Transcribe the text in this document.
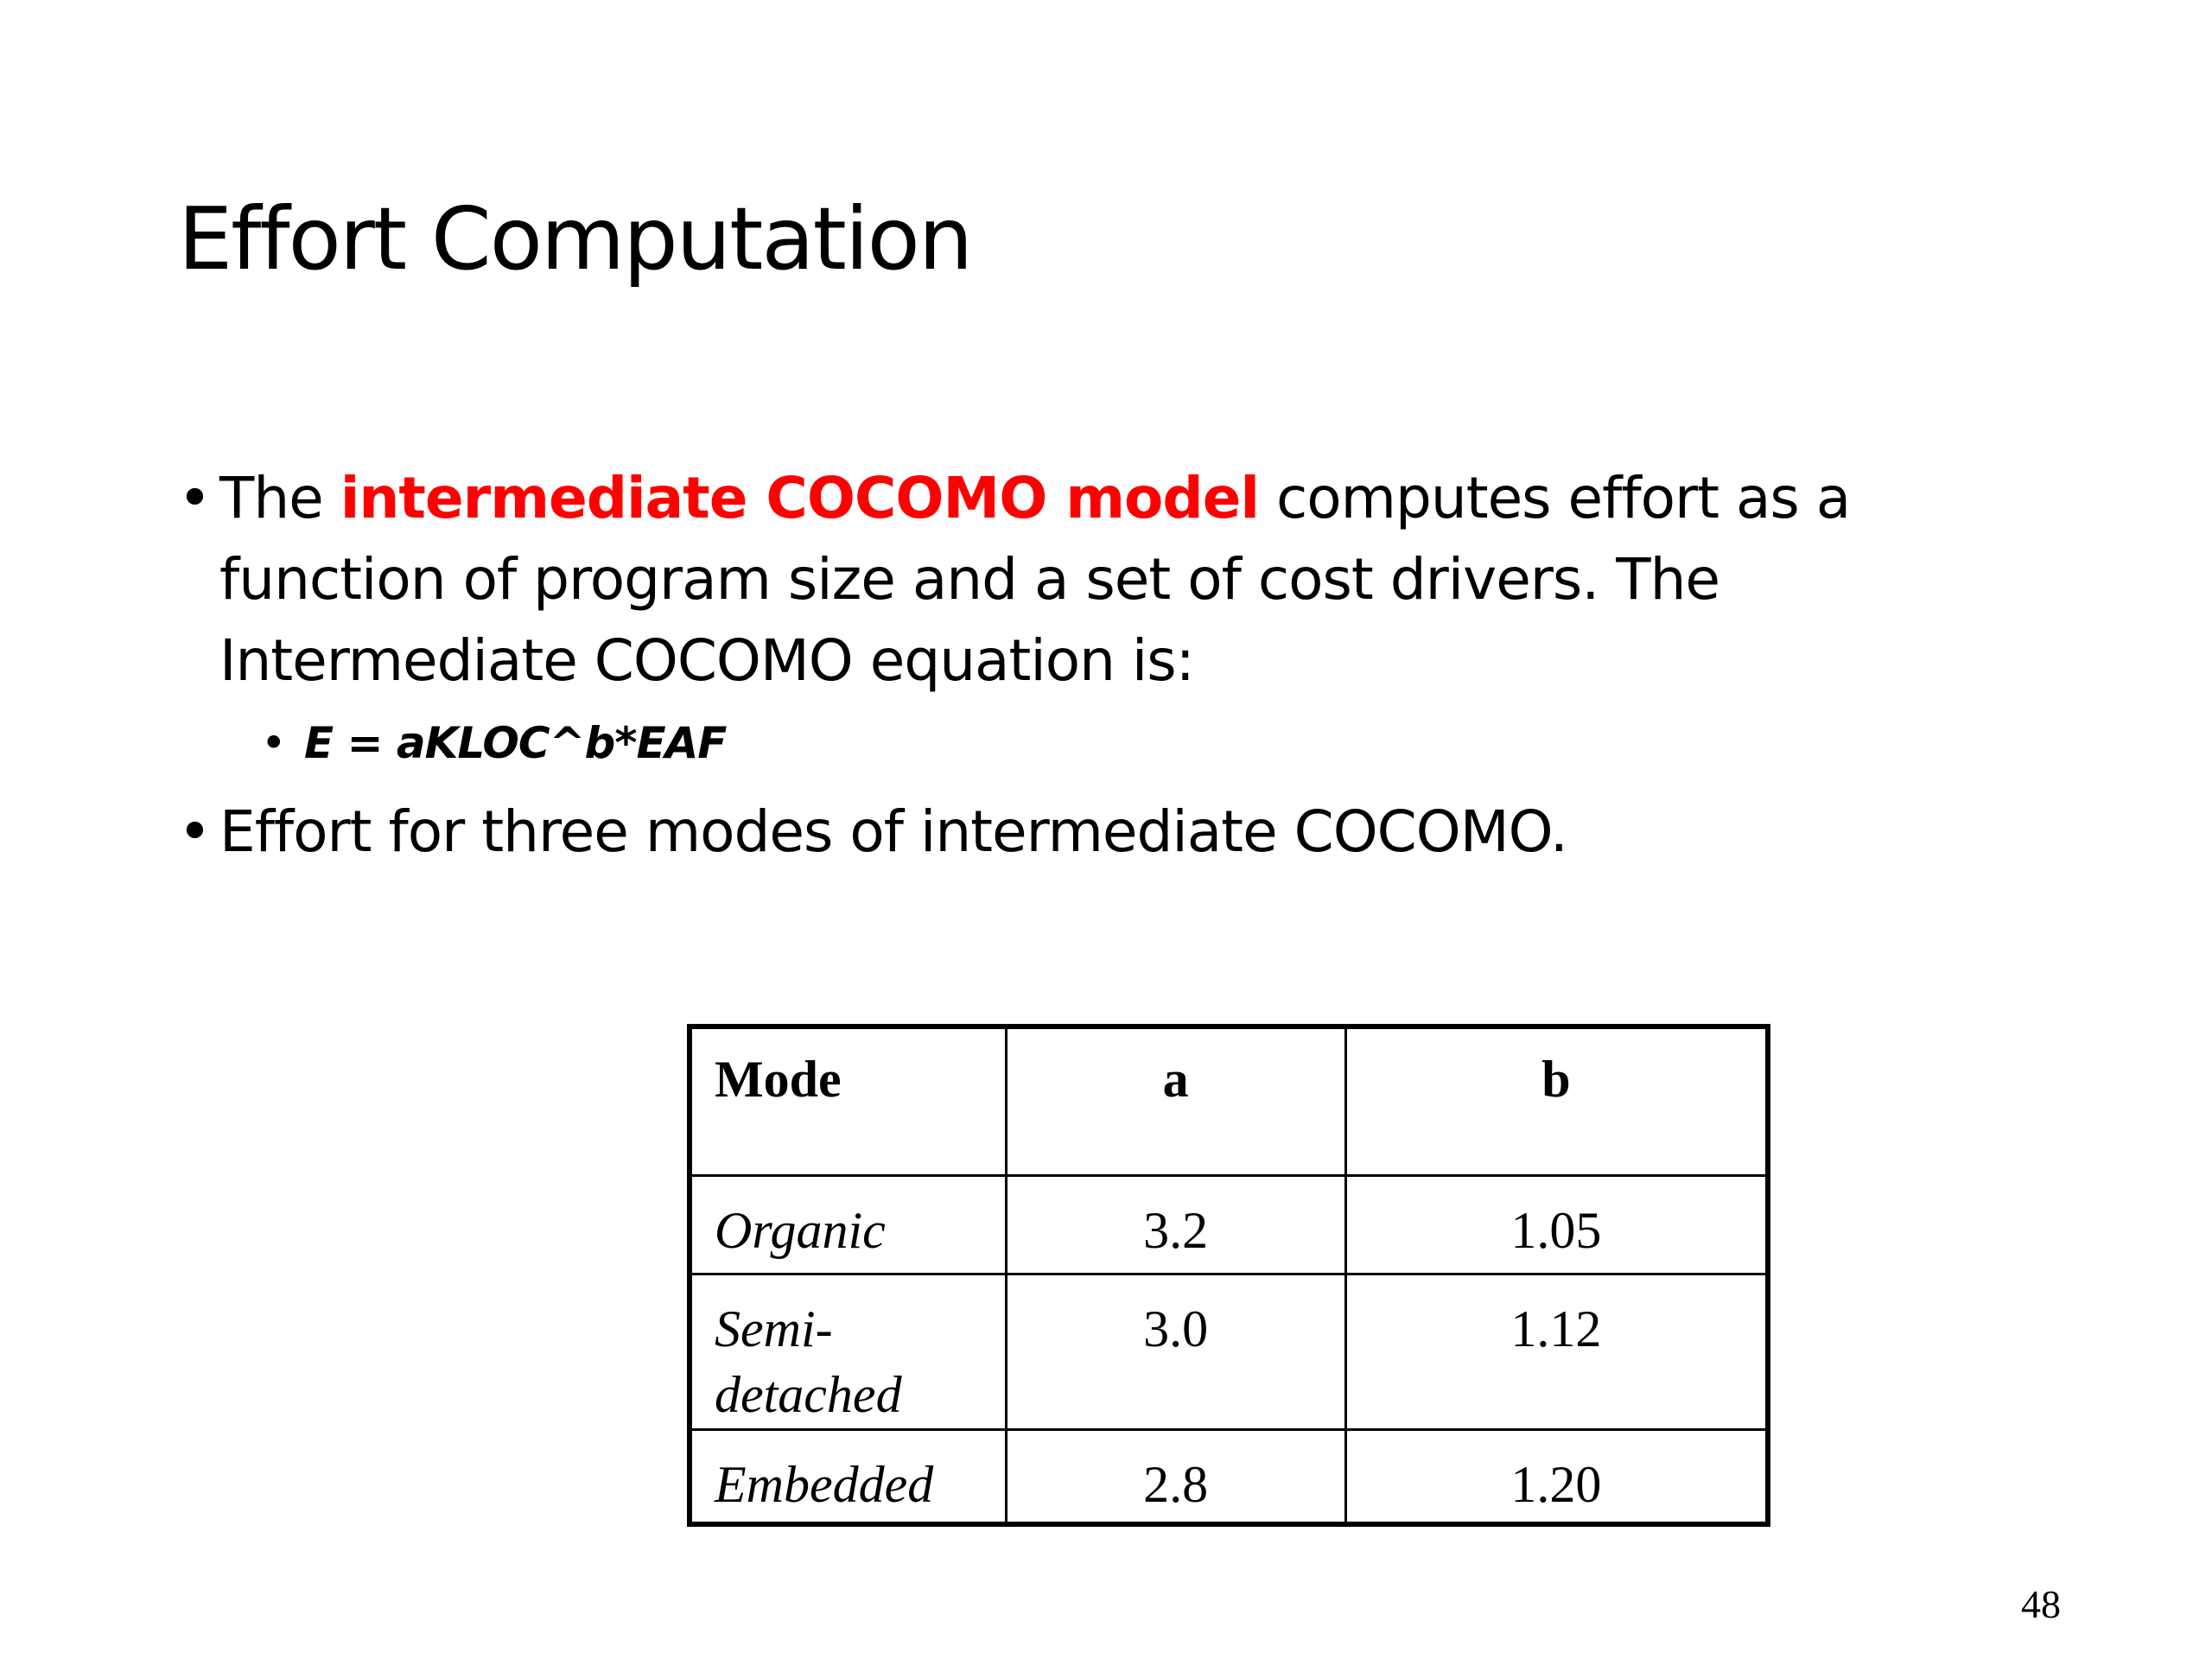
Effort Computation
• The intermediate COCOMO model computes effort as a function of program size and a set of cost drivers. The Intermediate COCOMO equation is:
• E = aKLOC^b*EAF
• Effort for three modes of intermediate COCOMO.
Mode	a	b

Organic	3.2	1.05

Semi-detached	3.0	1.12

Embedded	2.8	1.20
48
